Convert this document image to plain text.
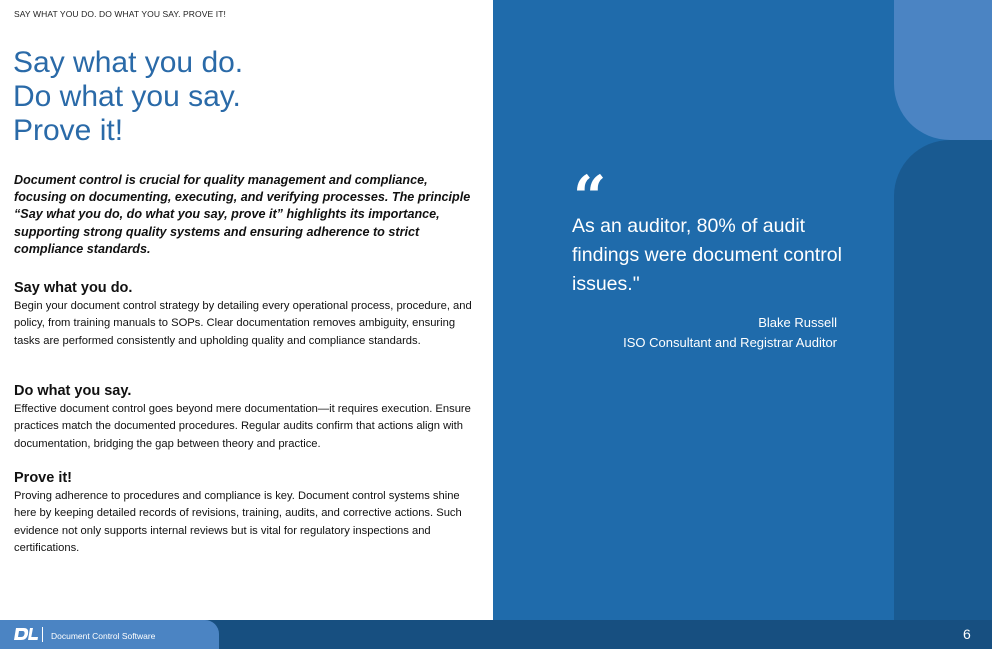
SAY WHAT YOU DO. DO WHAT YOU SAY. PROVE IT!
Say what you do.
Do what you say.
Prove it!

Document control is crucial for quality management and compliance, focusing on documenting, executing, and verifying processes. The principle “Say what you do, do what you say, prove it” highlights its importance, supporting strong quality systems and ensuring adherence to strict compliance standards.

Say what you do.

Begin your document control strategy by detailing every operational process, procedure, and policy, from training manuals to SOPs. Clear documentation removes ambiguity, ensuring tasks are performed consistently and upholding quality and compliance standards.

Do what you say.

Effective document control goes beyond mere documentation—it requires execution. Ensure practices match the documented procedures. Regular audits confirm that actions align with documentation, bridging the gap between theory and practice.

Prove it!

Proving adherence to procedures and compliance is key. Document control systems shine here by keeping detailed records of revisions, training, audits, and corrective actions. Such evidence not only supports internal reviews but is vital for regulatory inspections and certifications.

“
As an auditor, 80% of audit findings were document control issues."
Blake Russell
ISO Consultant and Registrar Auditor
Document Control Software	6
